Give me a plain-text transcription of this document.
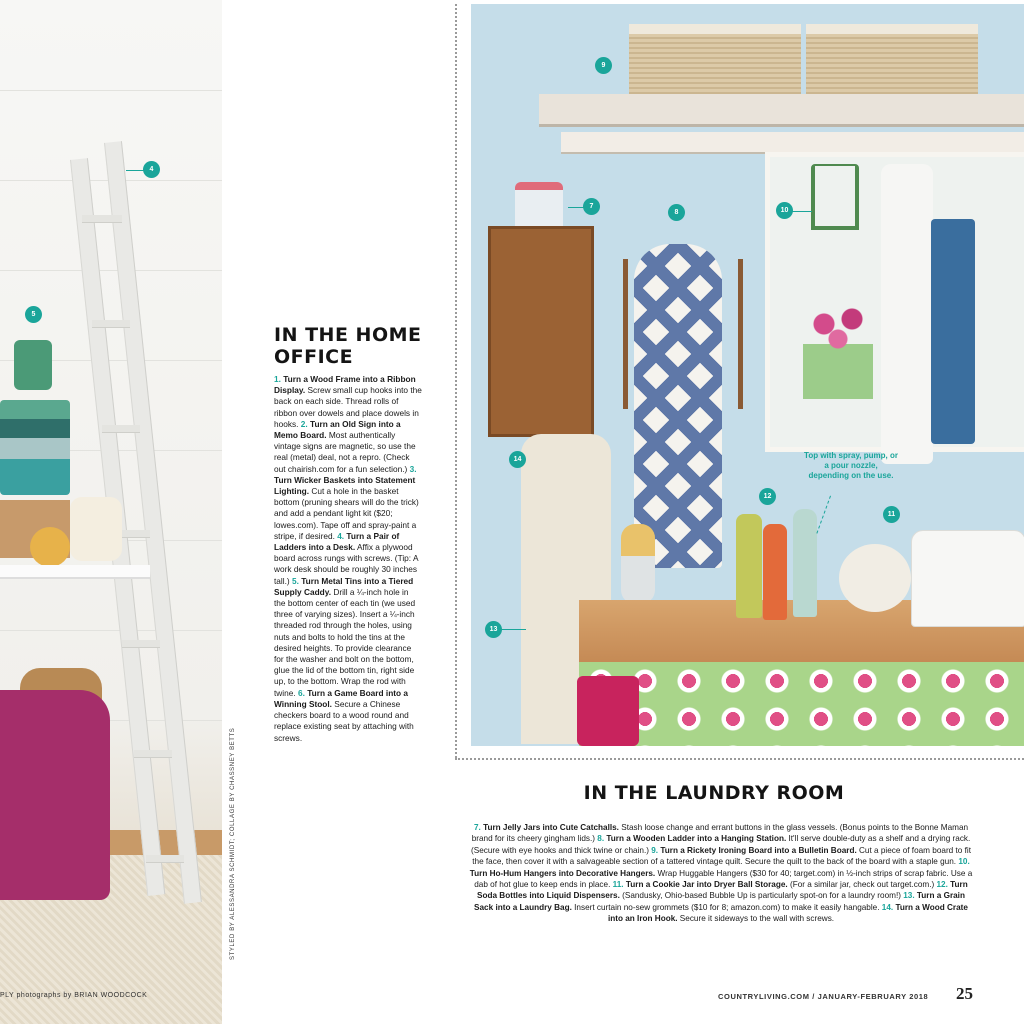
4
5
STYLED BY ALESSANDRA SCHMIDT; COLLAGE BY CHASSNEY BETTS
IN THE HOME OFFICE

1. Turn a Wood Frame into a Ribbon Display. Screw small cup hooks into the back on each side. Thread rolls of ribbon over dowels and place dowels in hooks. 2. Turn an Old Sign into a Memo Board. Most authentically vintage signs are magnetic, so use the real (metal) deal, not a repro. (Check out chairish.com for a fun selection.) 3. Turn Wicker Baskets into Statement Lighting. Cut a hole in the basket bottom (pruning shears will do the trick) and add a pendant light kit ($20; lowes.com). Tape off and spray-paint a stripe, if desired. 4. Turn a Pair of Ladders into a Desk. Affix a plywood board across rungs with screws. (Tip: A work desk should be roughly 30 inches tall.) 5. Turn Metal Tins into a Tiered Supply Caddy. Drill a ¼-inch hole in the bottom center of each tin (we used three of varying sizes). Insert a ¼-inch threaded rod through the holes, using nuts and bolts to hold the tins at the desired heights. To provide clearance for the washer and bolt on the bottom, glue the lid of the bottom tin, right side up, to the bottom. Wrap the rod with twine. 6. Turn a Game Board into a Winning Stool. Secure a Chinese checkers board to a wood round and replace existing seat by attaching with screws.

7
8
9
10
11
12
13
14	Top with spray, pump, or a pour nozzle, depending on the use.
IN THE LAUNDRY ROOM

7. Turn Jelly Jars into Cute Catchalls. Stash loose change and errant buttons in the glass vessels. (Bonus points to the Bonne Maman brand for its cheery gingham lids.) 8. Turn a Wooden Ladder into a Hanging Station. It'll serve double-duty as a shelf and a drying rack. (Secure with eye hooks and thick twine or chain.) 9. Turn a Rickety Ironing Board into a Bulletin Board. Cut a piece of foam board to fit the face, then cover it with a salvageable section of a tattered vintage quilt. Secure the quilt to the back of the board with a staple gun. 10. Turn Ho-Hum Hangers into Decorative Hangers. Wrap Huggable Hangers ($30 for 40; target.com) in ½-inch strips of scrap fabric. Use a dab of hot glue to keep ends in place. 11. Turn a Cookie Jar into Dryer Ball Storage. (For a similar jar, check out target.com.) 12. Turn Soda Bottles into Liquid Dispensers. (Sandusky, Ohio-based Bubble Up is particularly spot-on for a laundry room!) 13. Turn a Grain Sack into a Laundry Bag. Insert curtain no-sew grommets ($10 for 8; amazon.com) to make it easily hangable. 14. Turn a Wood Crate into an Iron Hook. Secure it sideways to the wall with screws.

PLY photographs by BRIAN WOODCOCK	COUNTRYLIVING.COM / JANUARY-FEBRUARY 2018 25
